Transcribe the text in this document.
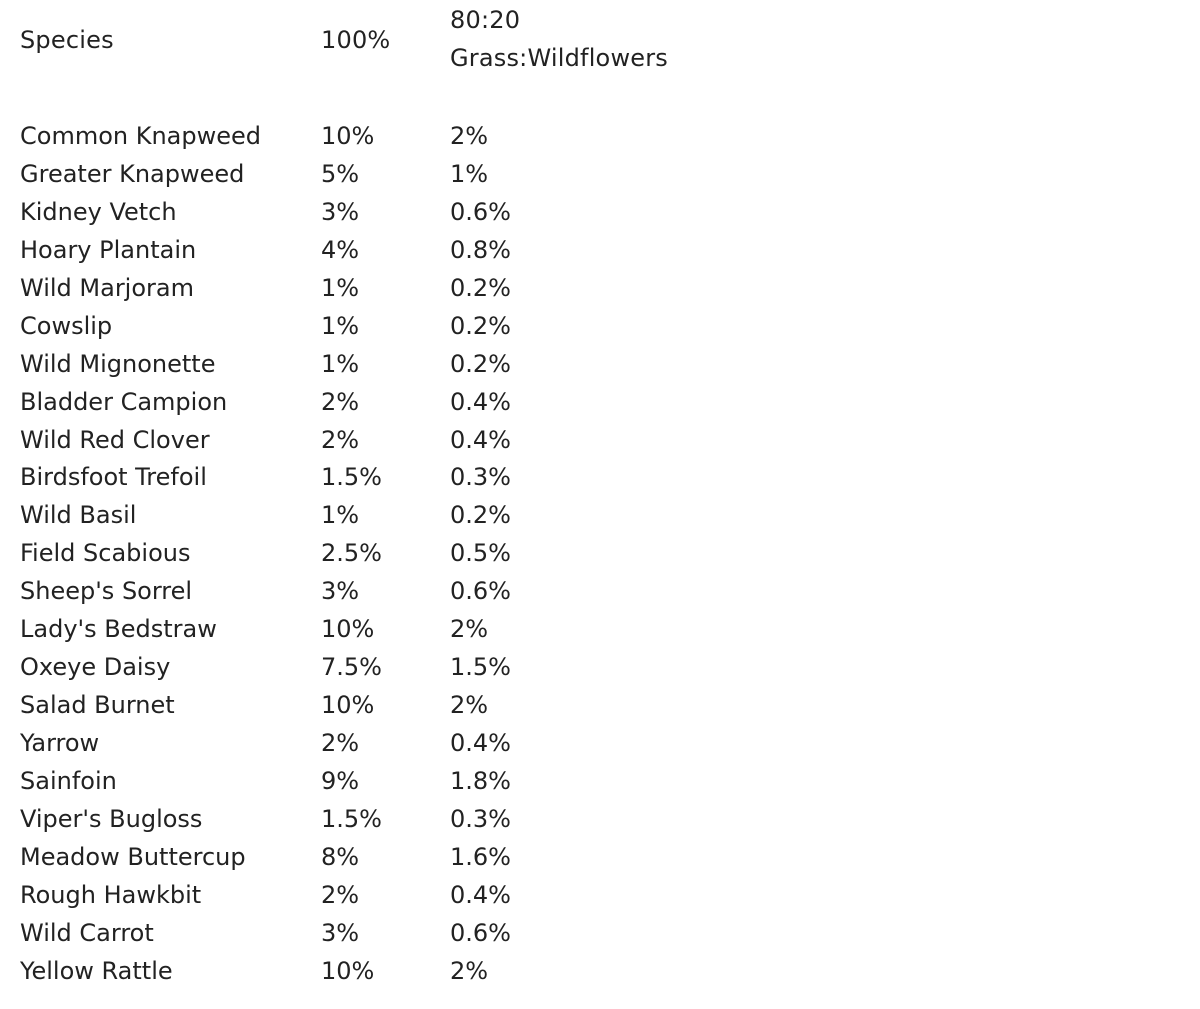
Species	100%
80:20
Grass:Wildflowers
Common Knapweed 10%	2%
Greater Knapweed	5%	1%
Kidney Vetch	3%	0.6%
Hoary Plantain	4%	0.8%
Wild Marjoram	1%	0.2%
Cowslip	1%	0.2%
Wild Mignonette	1%	0.2%
Bladder Campion	2%	0.4%
Wild Red Clover	2%	0.4%
Birdsfoot Trefoil	1.5%	0.3%
Wild Basil	1%	0.2%
Field Scabious	2.5%	0.5%
Sheep's Sorrel	3%	0.6%
Lady's Bedstraw	10%	2%
Oxeye Daisy	7.5%	1.5%
Salad Burnet	10%	2%
Yarrow	2%	0.4%
Sainfoin	9%	1.8%
Viper's Bugloss	1.5%	0.3%
Meadow Buttercup	8%	1.6%
Rough Hawkbit	2%	0.4%
Wild Carrot	3%	0.6%
Yellow Rattle	10%	2%
